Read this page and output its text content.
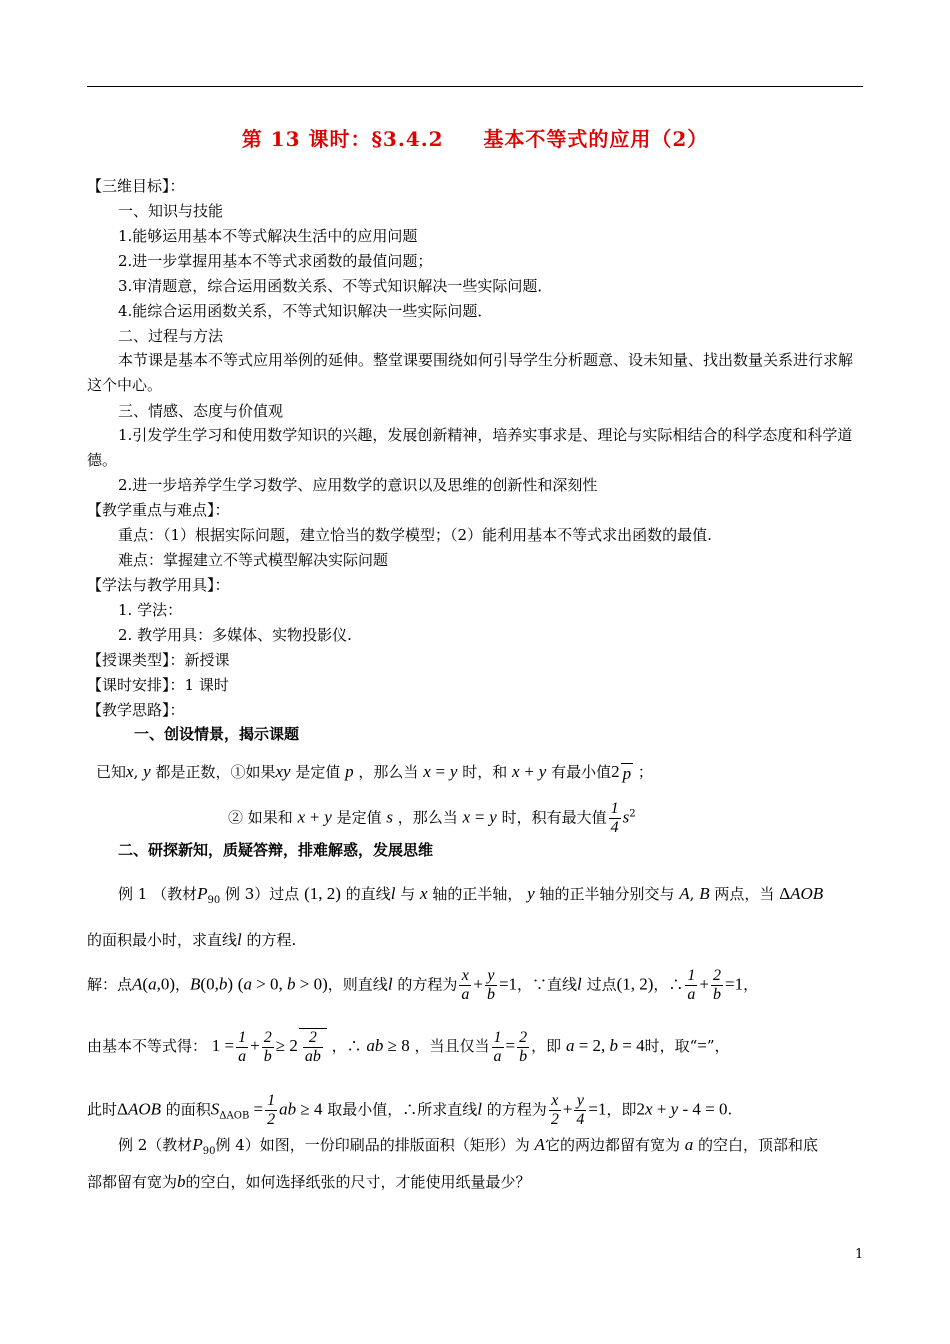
第 13 课时：§3.4.2     基本不等式的应用（2）
【三维目标】：
一、知识与技能
1.能够运用基本不等式解决生活中的应用问题
2.进一步掌握用基本不等式求函数的最值问题；
3.审清题意，综合运用函数关系、不等式知识解决一些实际问题．
4.能综合运用函数关系，不等式知识解决一些实际问题．
二、过程与方法
本节课是基本不等式应用举例的延伸。整堂课要围绕如何引导学生分析题意、设未知量、找出数量关系进行求解这个中心。
三、情感、态度与价值观
1.引发学生学习和使用数学知识的兴趣，发展创新精神，培养实事求是、理论与实际相结合的科学态度和科学道德。
2.进一步培养学生学习数学、应用数学的意识以及思维的创新性和深刻性
【教学重点与难点】：
重点：（1）根据实际问题，建立恰当的数学模型；（2）能利用基本不等式求出函数的最值.
难点：掌握建立不等式模型解决实际问题
【学法与教学用具】：
1. 学法：
2. 教学用具：多媒体、实物投影仪.
【授课类型】：新授课
【课时安排】：1 课时
【教学思路】：
一、创设情景，揭示课题
已知x, y 都是正数，①如果xy 是定值 p ，那么当 x = y 时，和 x + y 有最小值2 p ；
② 如果和 x + y 是定值 s ，那么当 x = y 时，积有最大值 $\frac{1}{4} s^2$
二、研探新知，质疑答辩，排难解惑，发展思维
例 1 （教材$P_{90}$ 例 3）过点 (1, 2) 的直线l 与 x 轴的正半轴， y 轴的正半轴分别交与 A, B 两点，当 ΔAOB
的面积最小时，求直线l 的方程.
解：点A(a,0)，B(0,b) (a > 0, b > 0)，则直线l 的方程为 $\frac{x}{a} + \frac{y}{b} =1$，∵直线l 过点(1, 2)，∴ $\frac{1}{a} + \frac{2}{b} =1$，
由基本不等式得： $1 = \frac{1}{a} + \frac{2}{b} \ge 2 \frac{2}{ab}$ ，∴ ab ≥ 8 ，当且仅当 $\frac{1}{a} = \frac{2}{b}$ ，即 a = 2, b = 4时，取“=”，
此时ΔAOB 的面积$S_{\Delta AOB} = \frac{1}{2}$ ab ≥ 4 取最小值，∴所求直线l 的方程为 $\frac{x}{2} + \frac{y}{4} =1$，即2x + y - 4 = 0.
例 2（教材$P_{90}$例 4）如图，一份印刷品的排版面积（矩形）为 A它的两边都留有宽为 a 的空白，顶部和底
部都留有宽为b的空白，如何选择纸张的尺寸，才能使用纸量最少？
1
